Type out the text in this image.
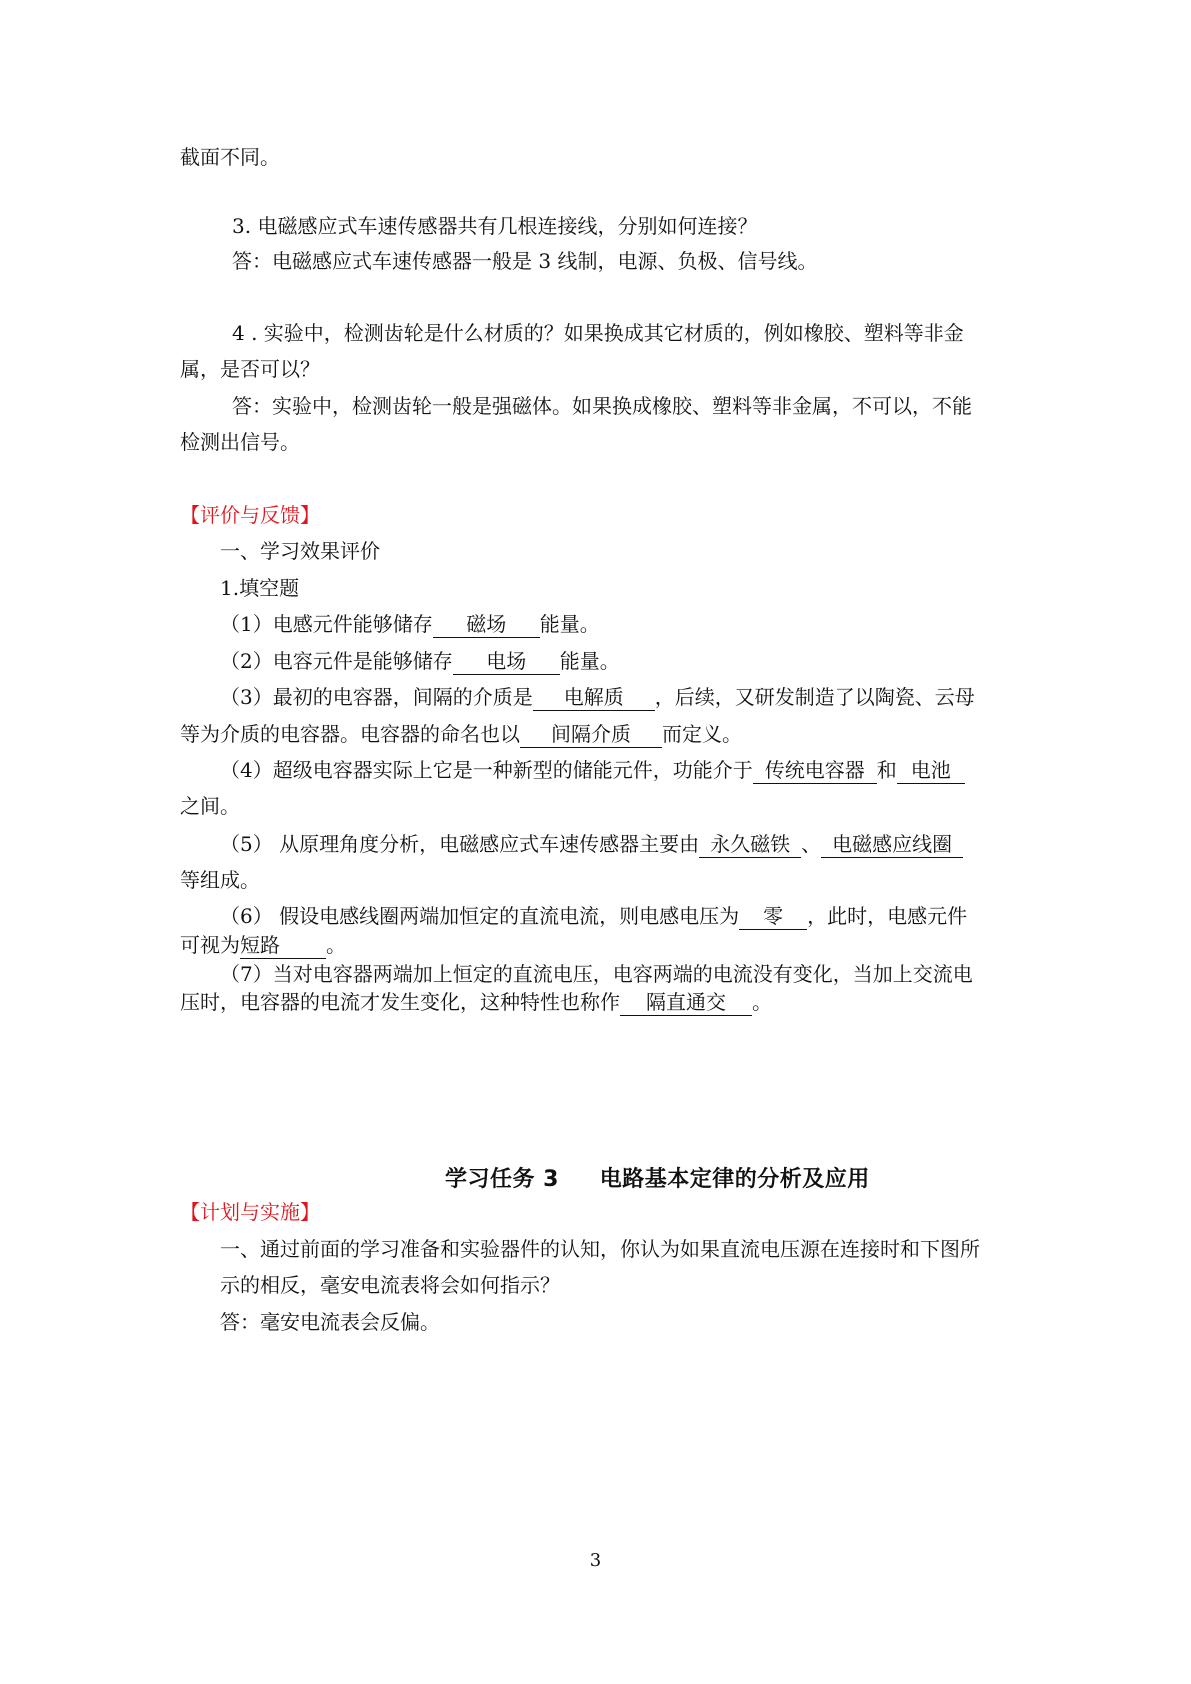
截面不同。
3. 电磁感应式车速传感器共有几根连接线，分别如何连接？
答：电磁感应式车速传感器一般是 3 线制，电源、负极、信号线。
4 . 实验中，检测齿轮是什么材质的？如果换成其它材质的，例如橡胶、塑料等非金
属，是否可以？
答：实验中，检测齿轮一般是强磁体。如果换成橡胶、塑料等非金属，不可以，不能
检测出信号。
【评价与反馈】
一、学习效果评价
1.填空题
（1）电感元件能够储存 磁场 能量。
（2）电容元件是能够储存 电场 能量。
（3）最初的电容器，间隔的介质是 电解质 ，后续，又研发制造了以陶瓷、云母
等为介质的电容器。电容器的命名也以 间隔介质 而定义。
（4）超级电容器实际上它是一种新型的储能元件，功能介于 传统电容器 和 电池
之间。
（5） 从原理角度分析，电磁感应式车速传感器主要由 永久磁铁 、 电磁感应线圈
等组成。
（6） 假设电感线圈两端加恒定的直流电流，则电感电压为 零 ，此时，电感元件
可视为短路 。
（7）当对电容器两端加上恒定的直流电压，电容两端的电流没有变化，当加上交流电
压时，电容器的电流才发生变化，这种特性也称作 隔直通交 。
学习任务 3     电路基本定律的分析及应用
【计划与实施】
一、通过前面的学习准备和实验器件的认知，你认为如果直流电压源在连接时和下图所
示的相反，毫安电流表将会如何指示？
答：毫安电流表会反偏。
3
